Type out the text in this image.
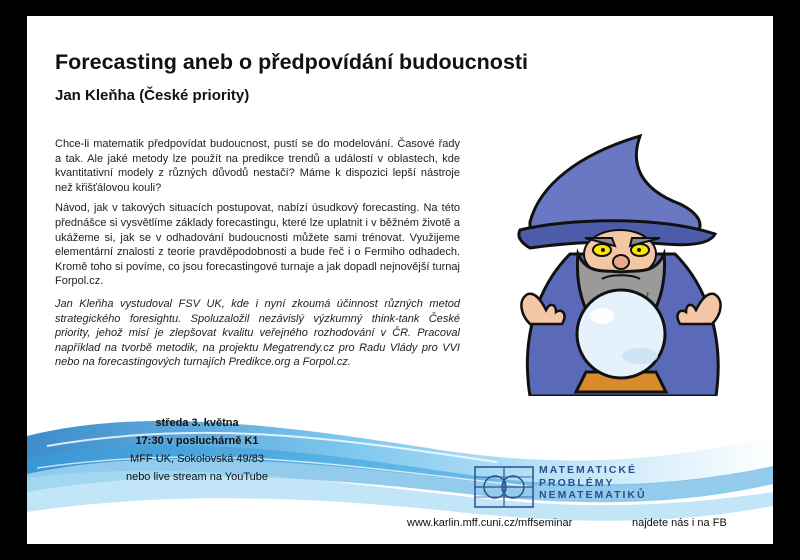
Forecasting aneb o předpovídání budoucnosti
Jan Kleňha (České priority)

Chce-li matematik předpovídat budoucnost, pustí se do modelování. Časové řady a tak. Ale jaké metody lze použít na predikce trendů a událostí v oblastech, kde kvantitativní modely z různých důvodů nestačí? Máme k dispozici lepší nástroje než křišťálovou kouli?

Návod, jak v takových situacích postupovat, nabízí úsudkový forecasting. Na této přednášce si vysvětlíme základy forecastingu, které lze uplatnit i v běžném životě a ukážeme si, jak se v odhadování budoucnosti můžete sami trénovat. Využijeme elementární znalosti z teorie pravděpodobnosti a bude řeč i o Fermiho odhadech. Kromě toho si povíme, co jsou forecastingové turnaje a jak dopadl nejnovější turnaj Forpol.cz.

Jan Kleňha vystudoval FSV UK, kde i nyní zkoumá účinnost různých metod strategického foresightu. Spoluzaložil nezávislý výzkumný think-tank České priority, jehož misí je zlepšovat kvalitu veřejného rozhodování v ČR. Pracoval například na tvorbě metodik, na projektu Megatrendy.cz pro Radu Vlády pro VVI nebo na forecastingových turnajích Predikce.org a Forpol.cz.

středa 3. května
17:30 v posluchárně K1
MFF UK, Sokolovská 49/83
nebo live stream na YouTube
MATEMATICKÉ
PROBLÉMY
NEMATEMATIKŮ
www.karlin.mff.cuni.cz/mffseminar	najdete nás i na FB
